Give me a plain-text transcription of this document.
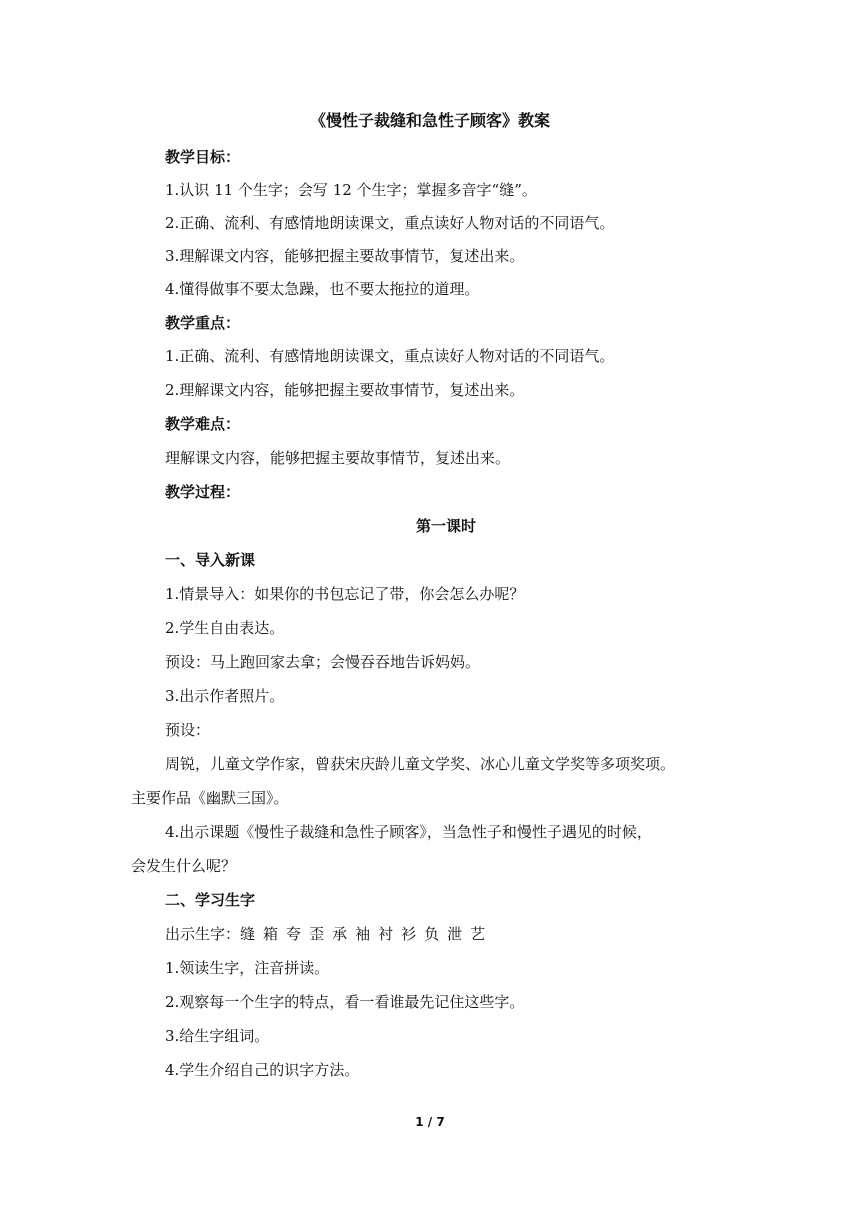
《慢性子裁缝和急性子顾客》教案
教学目标：
1.认识 11 个生字；会写 12 个生字；掌握多音字“缝”。
2.正确、流利、有感情地朗读课文，重点读好人物对话的不同语气。
3.理解课文内容，能够把握主要故事情节，复述出来。
4.懂得做事不要太急躁，也不要太拖拉的道理。
教学重点：
1.正确、流利、有感情地朗读课文，重点读好人物对话的不同语气。
2.理解课文内容，能够把握主要故事情节，复述出来。
教学难点：
理解课文内容，能够把握主要故事情节，复述出来。
教学过程：
第一课时
一、导入新课
1.情景导入：如果你的书包忘记了带，你会怎么办呢？
2.学生自由表达。
预设：马上跑回家去拿；会慢吞吞地告诉妈妈。
3.出示作者照片。
预设：
周锐，儿童文学作家，曾获宋庆龄儿童文学奖、冰心儿童文学奖等多项奖项。
主要作品《幽默三国》。
4.出示课题《慢性子裁缝和急性子顾客》，当急性子和慢性子遇见的时候，
会发生什么呢？
二、学习生字
出示生字：缝 箱 夸 歪 承 袖 衬 衫 负 泄 艺
1.领读生字，注音拼读。
2.观察每一个生字的特点，看一看谁最先记住这些字。
3.给生字组词。
4.学生介绍自己的识字方法。
1 / 7
